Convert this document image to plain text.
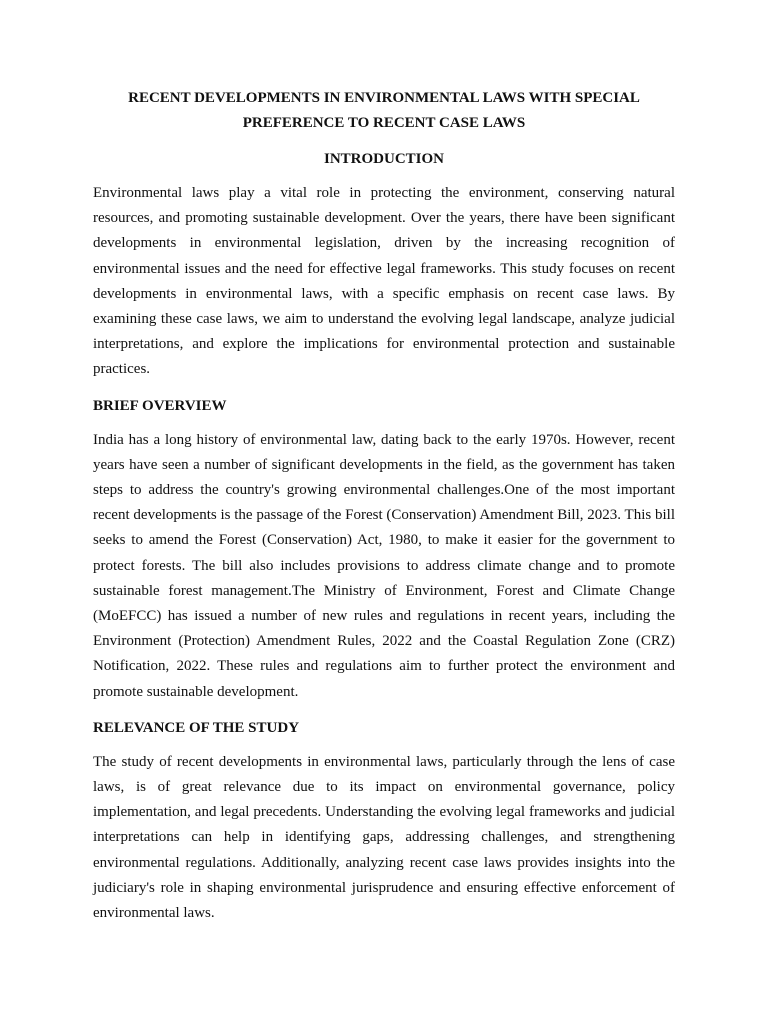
RECENT DEVELOPMENTS IN ENVIRONMENTAL LAWS WITH SPECIAL
PREFERENCE TO RECENT CASE LAWS
INTRODUCTION

Environmental laws play a vital role in protecting the environment, conserving natural resources, and promoting sustainable development. Over the years, there have been significant developments in environmental legislation, driven by the increasing recognition of environmental issues and the need for effective legal frameworks. This study focuses on recent developments in environmental laws, with a specific emphasis on recent case laws. By examining these case laws, we aim to understand the evolving legal landscape, analyze judicial interpretations, and explore the implications for environmental protection and sustainable practices.

BRIEF OVERVIEW

India has a long history of environmental law, dating back to the early 1970s. However, recent years have seen a number of significant developments in the field, as the government has taken steps to address the country's growing environmental challenges.One of the most important recent developments is the passage of the Forest (Conservation) Amendment Bill, 2023. This bill seeks to amend the Forest (Conservation) Act, 1980, to make it easier for the government to protect forests. The bill also includes provisions to address climate change and to promote sustainable forest management.The Ministry of Environment, Forest and Climate Change (MoEFCC) has issued a number of new rules and regulations in recent years, including the Environment (Protection) Amendment Rules, 2022 and the Coastal Regulation Zone (CRZ) Notification, 2022. These rules and regulations aim to further protect the environment and promote sustainable development.

RELEVANCE OF THE STUDY

The study of recent developments in environmental laws, particularly through the lens of case laws, is of great relevance due to its impact on environmental governance, policy implementation, and legal precedents. Understanding the evolving legal frameworks and judicial interpretations can help in identifying gaps, addressing challenges, and strengthening environmental regulations. Additionally, analyzing recent case laws provides insights into the judiciary's role in shaping environmental jurisprudence and ensuring effective enforcement of environmental laws.
